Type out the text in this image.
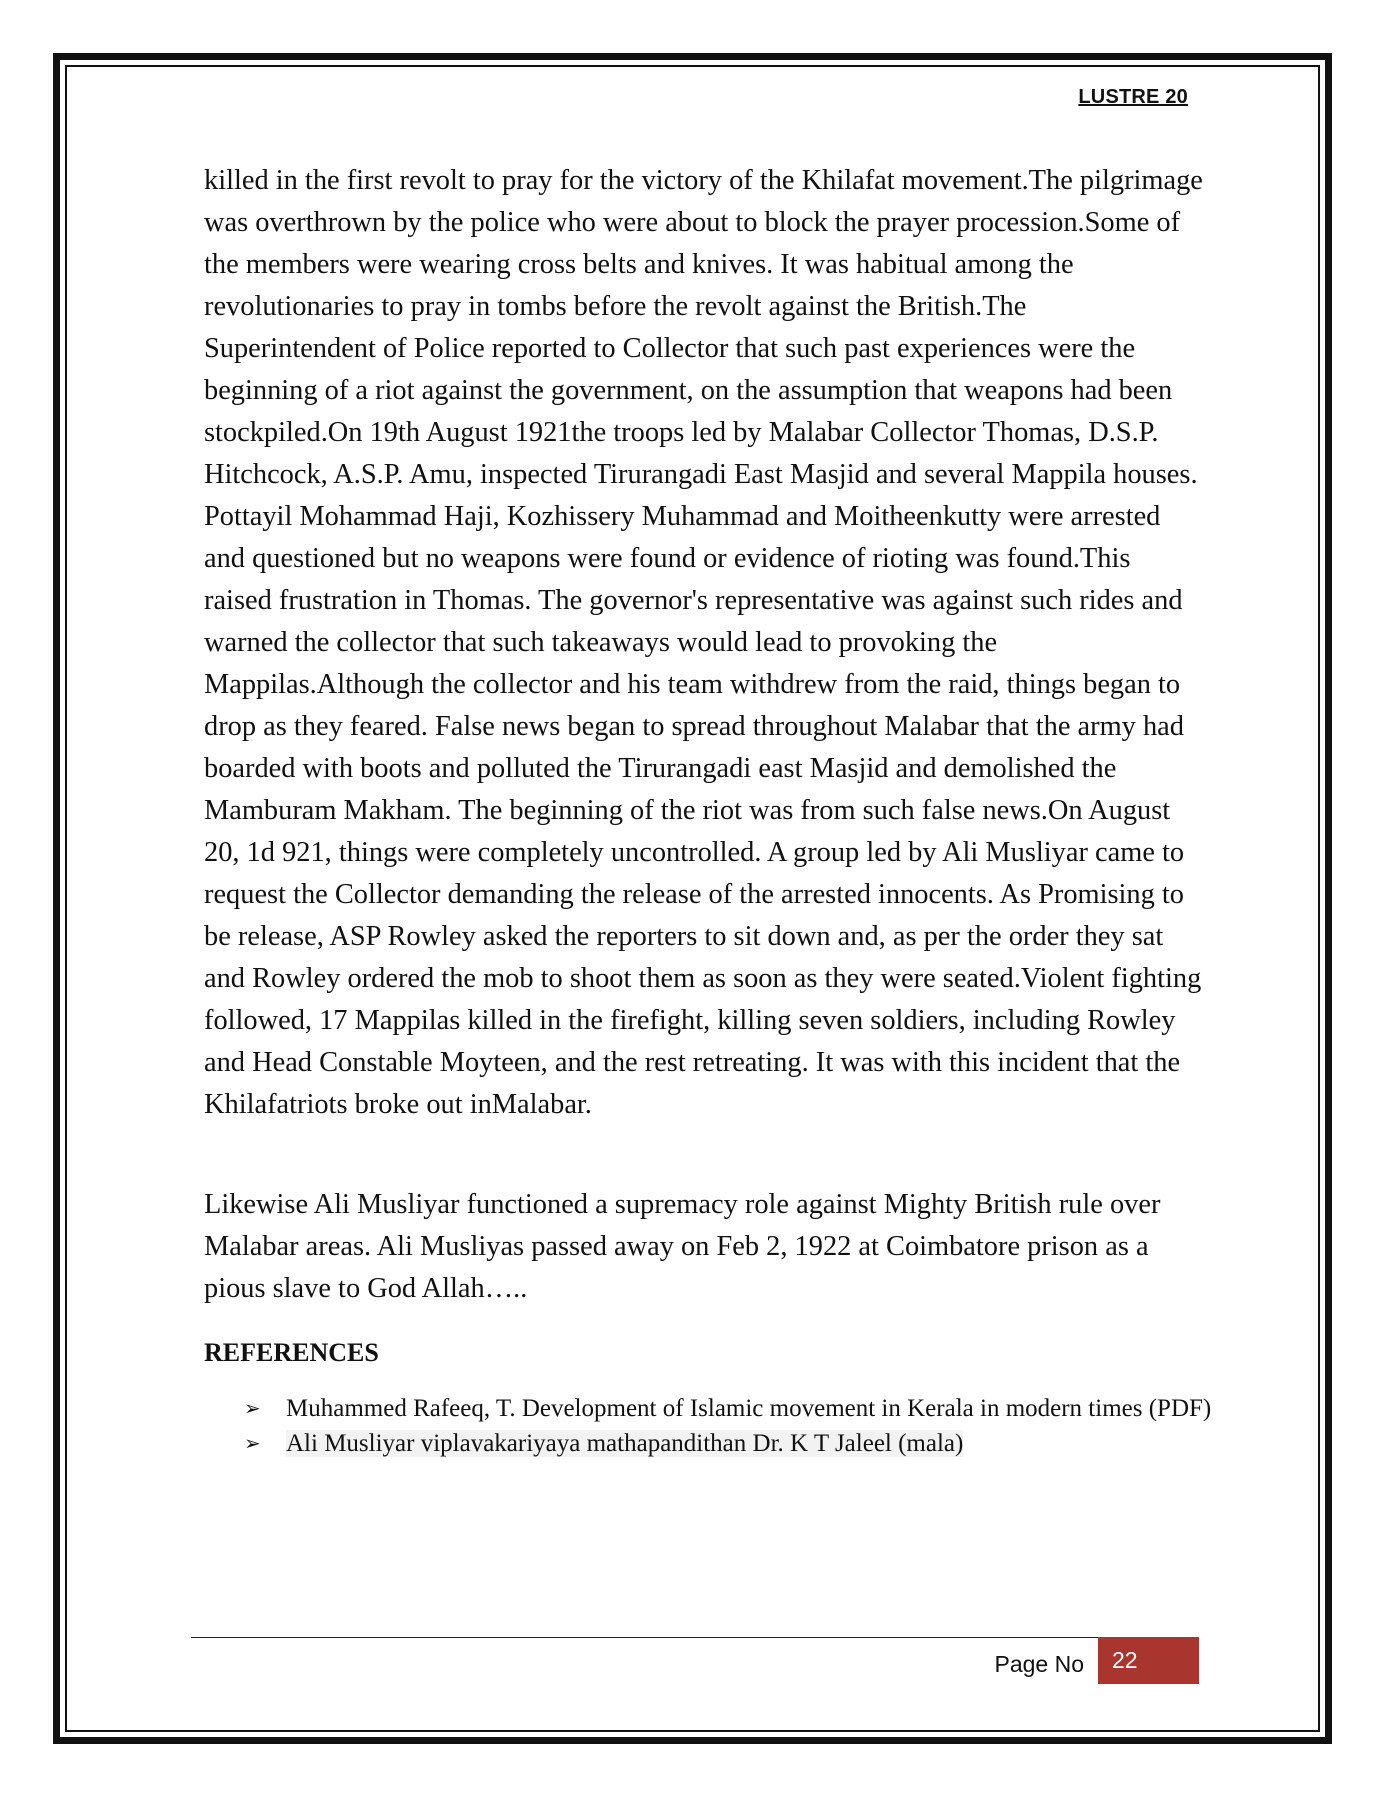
LUSTRE 20

killed in the first revolt to pray for the victory of the Khilafat movement.The pilgrimage was overthrown by the police who were about to block the prayer procession.Some of the members were wearing cross belts and knives. It was habitual among the revolutionaries to pray in tombs before the revolt against the British.The Superintendent of Police reported to Collector that such past experiences were the beginning of a riot against the government, on the assumption that weapons had been stockpiled.On 19th August 1921the troops led by Malabar Collector Thomas, D.S.P. Hitchcock, A.S.P. Amu, inspected Tirurangadi East Masjid and several Mappila houses. Pottayil Mohammad Haji, Kozhissery Muhammad and Moitheenkutty were arrested and questioned but no weapons were found or evidence of rioting was found.This raised frustration in Thomas. The governor's representative was against such rides and warned the collector that such takeaways would lead to provoking the Mappilas.Although the collector and his team withdrew from the raid, things began to drop as they feared. False news began to spread throughout Malabar that the army had boarded with boots and polluted the Tirurangadi east Masjid and demolished the Mamburam Makham. The beginning of the riot was from such false news.On August 20, 1d 921, things were completely uncontrolled. A group led by Ali Musliyar came to request the Collector demanding the release of the arrested innocents. As Promising to be release, ASP Rowley asked the reporters to sit down and, as per the order they sat and Rowley ordered the mob to shoot them as soon as they were seated.Violent fighting followed, 17 Mappilas killed in the firefight, killing seven soldiers, including Rowley and Head Constable Moyteen, and the rest retreating. It was with this incident that the Khilafatriots broke out inMalabar.

Likewise Ali Musliyar functioned a supremacy role against Mighty British rule over Malabar areas. Ali Musliyas passed away on Feb 2, 1922 at Coimbatore prison as a pious slave to God Allah…..

REFERENCES
➢ Muhammed Rafeeq, T. Development of Islamic movement in Kerala in modern times (PDF)
➢ Ali Musliyar viplavakariyaya mathapandithan Dr. K T Jaleel (mala)
Page No	22
